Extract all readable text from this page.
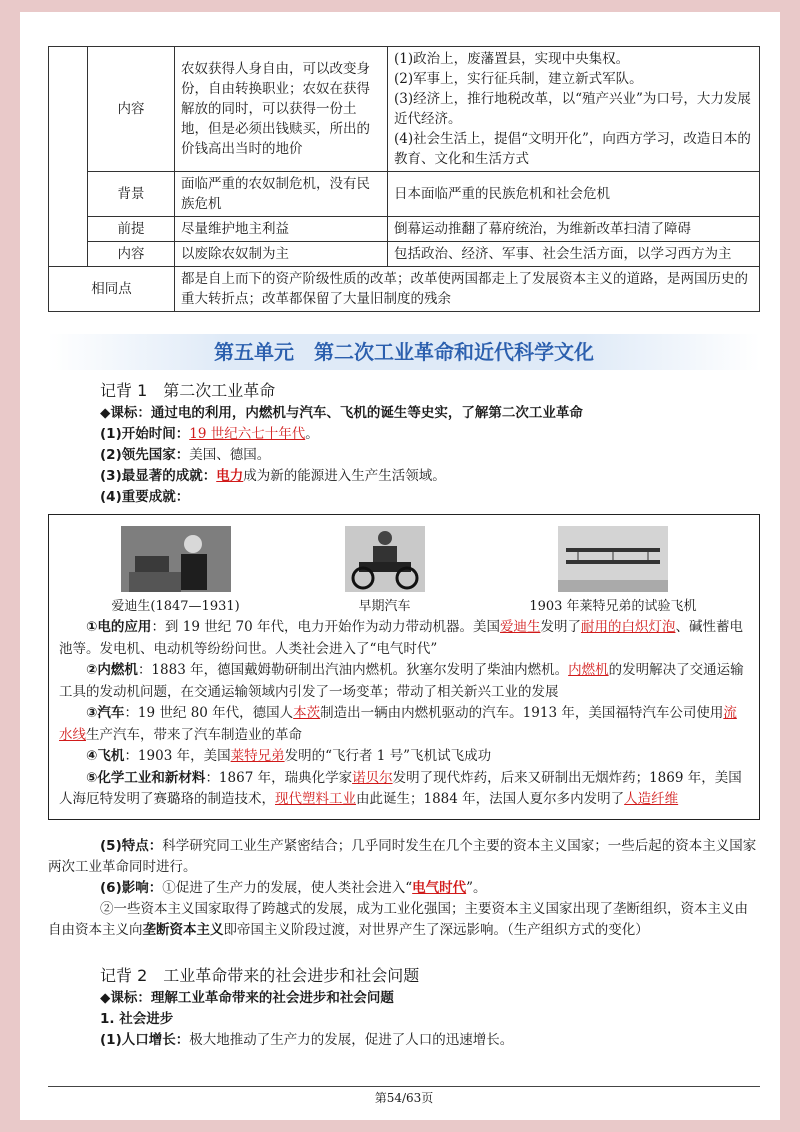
	内容	农奴获得人身自由，可以改变身份，自由转换职业；农奴在获得解放的同时，可以获得一份土地，但是必须出钱赎买，所出的价钱高出当时的地价	(1)政治上，废藩置县，实现中央集权。
(2)军事上，实行征兵制，建立新式军队。
(3)经济上，推行地税改革，以“殖产兴业”为口号，大力发展近代经济。
(4)社会生活上，提倡“文明开化”，向西方学习，改造日本的教育、文化和生活方式

	背景	面临严重的农奴制危机，没有民族危机	日本面临严重的民族危机和社会危机
	前提	尽量维护地主利益	倒幕运动推翻了幕府统治，为维新改革扫清了障碍
	内容	以废除农奴制为主	包括政治、经济、军事、社会生活方面，以学习西方为主
相同点		都是自上而下的资产阶级性质的改革；改革使两国都走上了发展资本主义的道路，是两国历史的重大转折点；改革都保留了大量旧制度的残余	
第五单元　第二次工业革命和近代科学文化
记背 1　第二次工业革命
◆课标：通过电的利用，内燃机与汽车、飞机的诞生等史实，了解第二次工业革命
(1)开始时间：19 世纪六七十年代。
(2)领先国家：美国、德国。
(3)最显著的成就：电力成为新的能源进入生产生活领域。
(4)重要成就：
爱迪生(1847—1931)	早期汽车	1903 年莱特兄弟的试验飞机
①电的应用：到 19 世纪 70 年代，电力开始作为动力带动机器。美国爱迪生发明了耐用的白炽灯泡、碱性蓄电池等。发电机、电动机等纷纷问世。人类社会进入了“电气时代”
②内燃机：1883 年，德国戴姆勒研制出汽油内燃机。狄塞尔发明了柴油内燃机。内燃机的发明解决了交通运输工具的发动机问题，在交通运输领域内引发了一场变革；带动了相关新兴工业的发展
③汽车：19 世纪 80 年代，德国人本茨制造出一辆由内燃机驱动的汽车。1913 年，美国福特汽车公司使用流水线生产汽车，带来了汽车制造业的革命
④飞机：1903 年，美国莱特兄弟发明的“飞行者 1 号”飞机试飞成功
⑤化学工业和新材料：1867 年，瑞典化学家诺贝尔发明了现代炸药，后来又研制出无烟炸药；1869 年，美国人海厄特发明了赛璐珞的制造技术，现代塑料工业由此诞生；1884 年，法国人夏尔多内发明了人造纤维
(5)特点：科学研究同工业生产紧密结合；几乎同时发生在几个主要的资本主义国家；一些后起的资本主义国家两次工业革命同时进行。
(6)影响：①促进了生产力的发展，使人类社会进入“电气时代”。
②一些资本主义国家取得了跨越式的发展，成为工业化强国；主要资本主义国家出现了垄断组织，资本主义由自由资本主义向垄断资本主义即帝国主义阶段过渡，对世界产生了深远影响。（生产组织方式的变化）
记背 2　工业革命带来的社会进步和社会问题
◆课标：理解工业革命带来的社会进步和社会问题
1. 社会进步
(1)人口增长：极大地推动了生产力的发展，促进了人口的迅速增长。
第54/63页
